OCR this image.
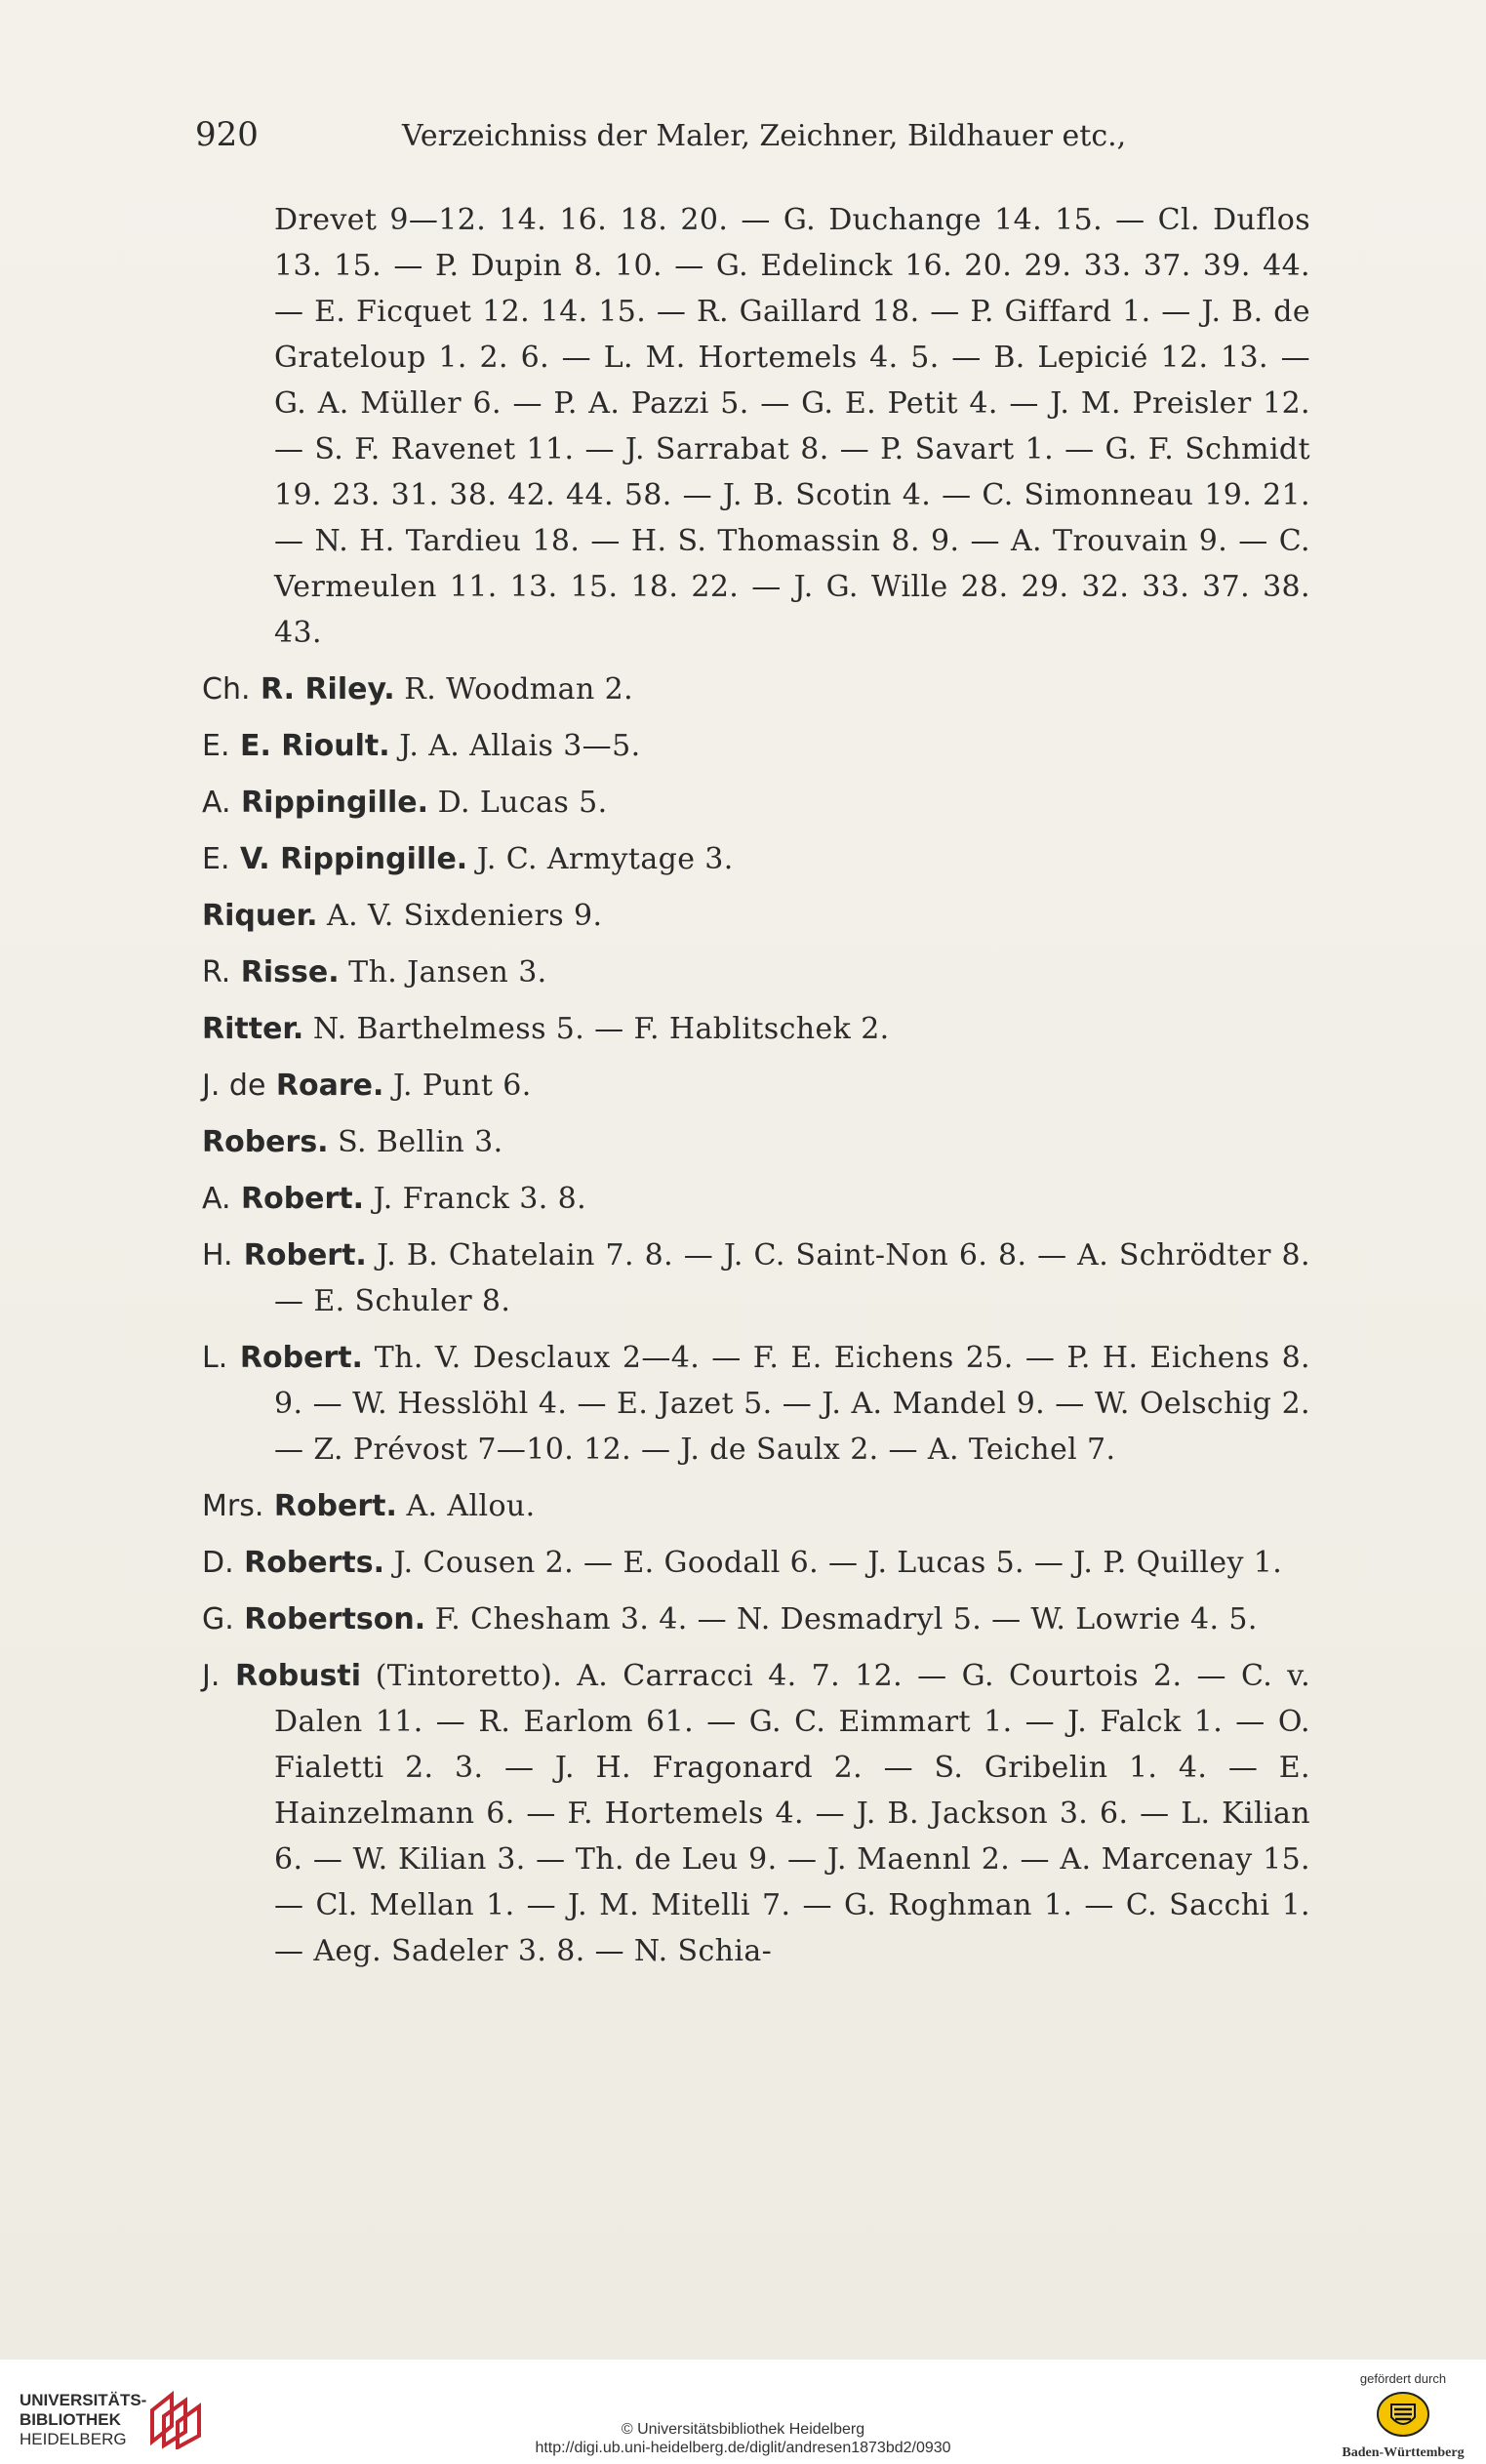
920	Verzeichniss der Maler, Zeichner, Bildhauer etc.,
Drevet 9—12. 14. 16. 18. 20. — G. Duchange 14. 15. — Cl. Duflos 13. 15. — P. Dupin 8. 10. — G. Edelinck 16. 20. 29. 33. 37. 39. 44. — E. Ficquet 12. 14. 15. — R. Gaillard 18. — P. Giffard 1. — J. B. de Grateloup 1. 2. 6. — L. M. Hortemels 4. 5. — B. Lepicié 12. 13. — G. A. Müller 6. — P. A. Pazzi 5. — G. E. Petit 4. — J. M. Preisler 12. — S. F. Ravenet 11. — J. Sarrabat 8. — P. Savart 1. — G. F. Schmidt 19. 23. 31. 38. 42. 44. 58. — J. B. Scotin 4. — C. Simonneau 19. 21. — N. H. Tardieu 18. — H. S. Thomassin 8. 9. — A. Trouvain 9. — C. Vermeulen 11. 13. 15. 18. 22. — J. G. Wille 28. 29. 32. 33. 37. 38. 43.
Ch. R. Riley. R. Woodman 2.
E. E. Rioult. J. A. Allais 3—5.
A. Rippingille. D. Lucas 5.
E. V. Rippingille. J. C. Armytage 3.
Riquer. A. V. Sixdeniers 9.
R. Risse. Th. Jansen 3.
Ritter. N. Barthelmess 5. — F. Hablitschek 2.
J. de Roare. J. Punt 6.
Robers. S. Bellin 3.
A. Robert. J. Franck 3. 8.
H. Robert. J. B. Chatelain 7. 8. — J. C. Saint-Non 6. 8. — A. Schrödter 8. — E. Schuler 8.
L. Robert. Th. V. Desclaux 2—4. — F. E. Eichens 25. — P. H. Eichens 8. 9. — W. Hesslöhl 4. — E. Jazet 5. — J. A. Mandel 9. — W. Oelschig 2. — Z. Prévost 7—10. 12. — J. de Saulx 2. — A. Teichel 7.
Mrs. Robert. A. Allou.
D. Roberts. J. Cousen 2. — E. Goodall 6. — J. Lucas 5. — J. P. Quilley 1.
G. Robertson. F. Chesham 3. 4. — N. Desmadryl 5. — W. Lowrie 4. 5.
J. Robusti (Tintoretto). A. Carracci 4. 7. 12. — G. Courtois 2. — C. v. Dalen 11. — R. Earlom 61. — G. C. Eimmart 1. — J. Falck 1. — O. Fialetti 2. 3. — J. H. Fragonard 2. — S. Gribelin 1. 4. — E. Hainzelmann 6. — F. Hortemels 4. — J. B. Jackson 3. 6. — L. Kilian 6. — W. Kilian 3. — Th. de Leu 9. — J. Maennl 2. — A. Marcenay 15. — Cl. Mellan 1. — J. M. Mitelli 7. — G. Roghman 1. — C. Sacchi 1. — Aeg. Sadeler 3. 8. — N. Schia-
UNIVERSITÄTS-
BIBLIOTHEK
HEIDELBERG
© Universitätsbibliothek Heidelberg
http://digi.ub.uni-heidelberg.de/diglit/andresen1873bd2/0930
gefördert durch
Baden-Württemberg
